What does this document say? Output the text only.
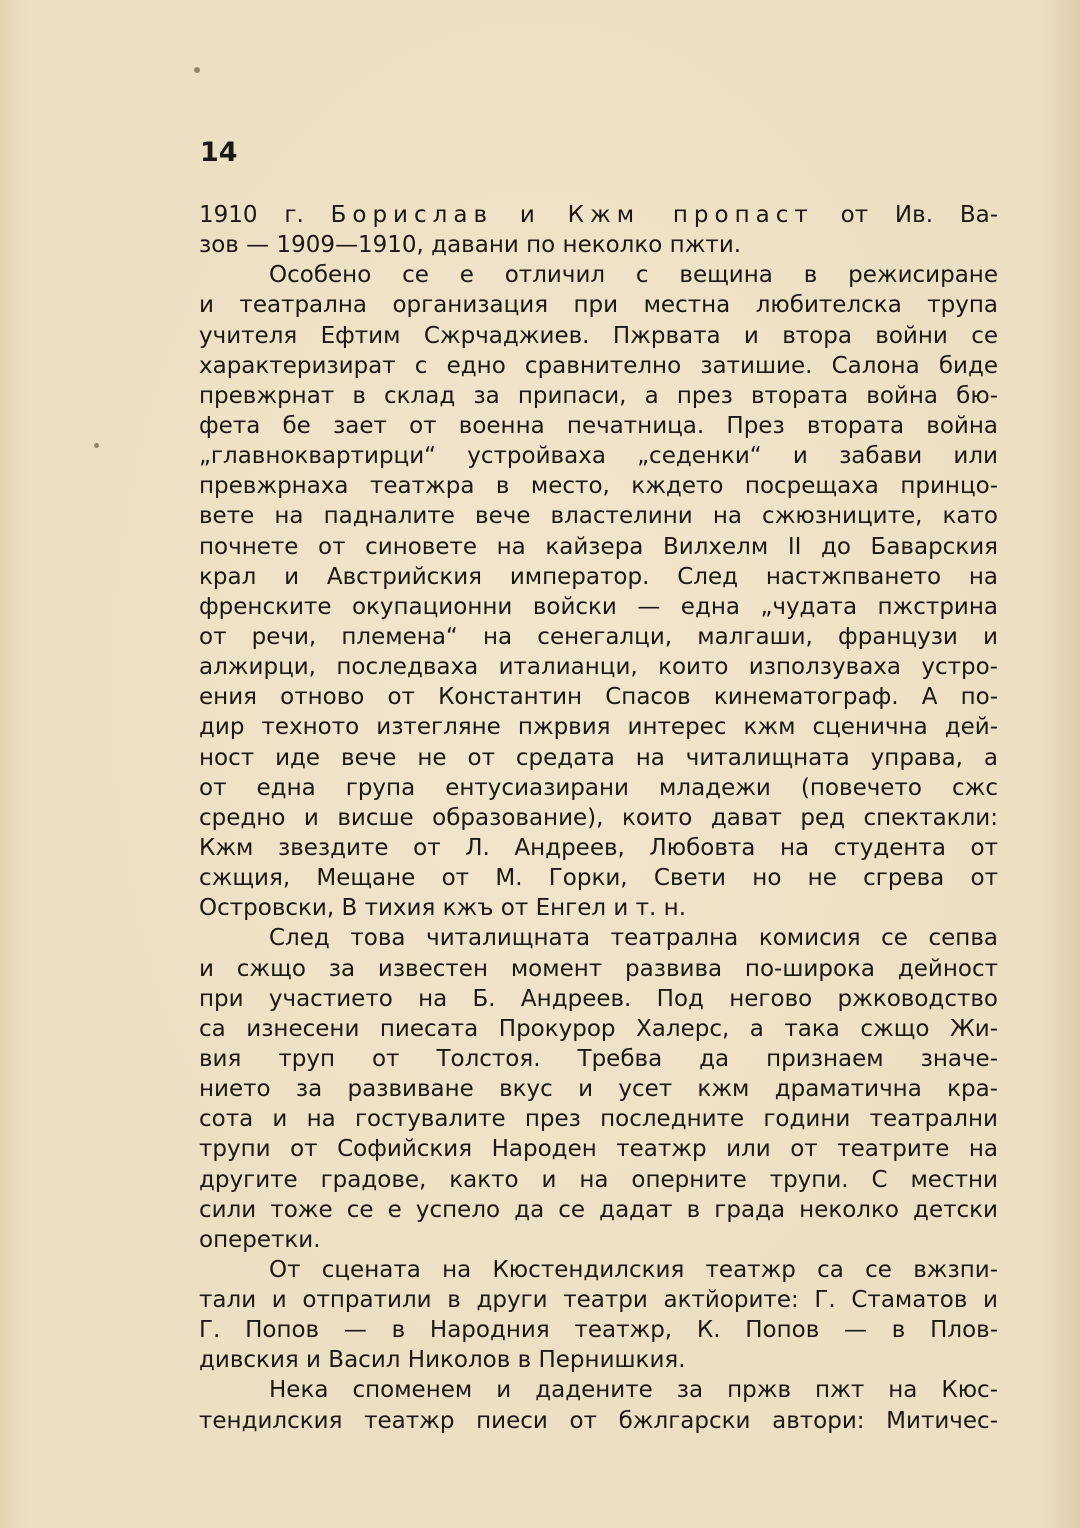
14

1910 г. Борислав и Кжм пропаст от Ив. Ва-
зов — 1909—1910, давани по неколко пжти.
Особено се е отличил с вещина в режисиране
и театрална организация при местна любителска трупа
учителя Ефтим Сжрчаджиев. Пжрвата и втора войни се
характеризират с едно сравнително затишие. Салона биде
превжрнат в склад за припаси, а през втората война бю-
фета бе зает от военна печатница. През втората война
„главноквартирци“ устройваха „седенки“ и забави или
превжрнаха театжра в место, кждето посрещаха принцо-
вете на падналите вече властелини на сжюзниците, като
почнете от синовете на кайзера Вилхелм II до Баварския
крал и Австрийския император. След настжпването на
френските окупационни войски — една „чудата пжстрина
от речи, племена“ на сенегалци, малгаши, французи и
алжирци, последваха италианци, които използуваха устро-
ения отново от Константин Спасов кинематограф. А по-
дир техното изтегляне пжрвия интерес кжм сценична дей-
ност иде вече не от средата на читалищната управа, а
от една група ентусиазирани младежи (повечето сжс
средно и висше образование), които дават ред спектакли:
Кжм звездите от Л. Андреев, Любовта на студента от
сжщия, Мещане от М. Горки, Свети но не сгрева от
Островски, В тихия кжъ от Енгел и т. н.
След това читалищната театрална комисия се сепва
и сжщо за известен момент развива по-широка дейност
при участието на Б. Андреев. Под негово ржководство
са изнесени пиесата Прокурор Халерс, а така сжщо Жи-
вия труп от Толстоя. Требва да признаем значе-
нието за развиване вкус и усет кжм драматична кра-
сота и на гостувалите през последните години театрални
трупи от Софийския Народен театжр или от театрите на
другите градове, както и на оперните трупи. С местни
сили тоже се е успело да се дадат в града неколко детски
оперетки.
От сцената на Кюстендилския театжр са се вжзпи-
тали и отпратили в други театри актйорите: Г. Стаматов и
Г. Попов — в Народния театжр, К. Попов — в Плов-
дивския и Васил Николов в Пернишкия.
Нека споменем и дадените за пржв пжт на Кюс-
тендилския театжр пиеси от бжлгарски автори: Митичес-
